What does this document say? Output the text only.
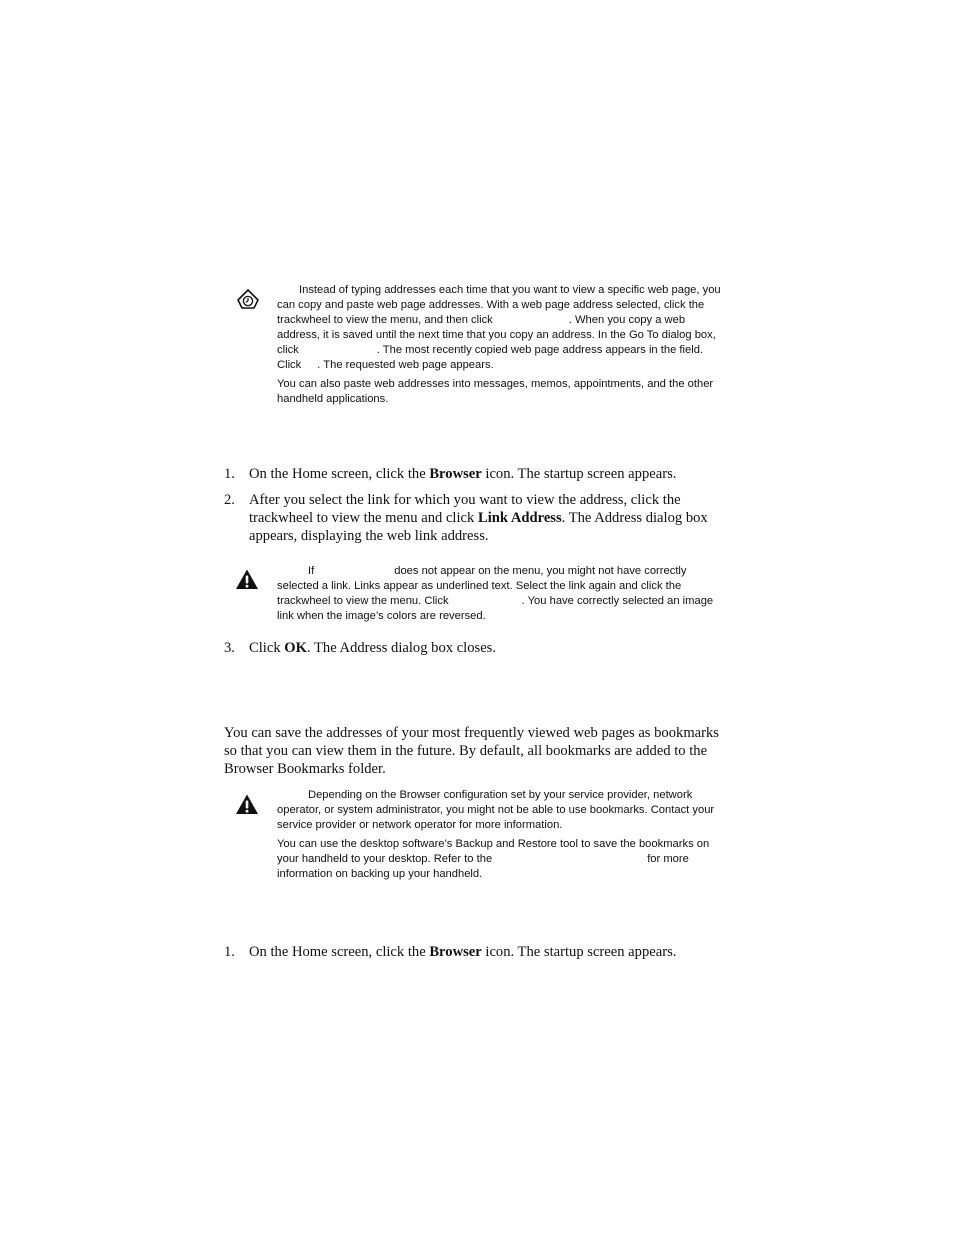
Instead of typing addresses each time that you want to view a specific web page, you can copy and paste web page addresses. With a web page address selected, click the trackwheel to view the menu, and then click	. When you copy a web address, it is saved until the next time that you copy an address. In the Go To dialog box, click	. The most recently copied web page address appears in the field. Click . The requested web page appears.

You can also paste web addresses into messages, memos, appointments, and the other handheld applications.

1. On the Home screen, click the Browser icon. The startup screen appears.
2. After you select the link for which you want to view the address, click the trackwheel to view the menu and click Link Address. The Address dialog box appears, displaying the web link address.

If	does not appear on the menu, you might not have correctly selected a link. Links appear as underlined text. Select the link again and click the trackwheel to view the menu. Click	. You have correctly selected an image link when the image’s colors are reversed.

3. Click OK. The Address dialog box closes.
You can save the addresses of your most frequently viewed web pages as bookmarks so that you can view them in the future. By default, all bookmarks are added to the Browser Bookmarks folder.

Depending on the Browser configuration set by your service provider, network operator, or system administrator, you might not be able to use bookmarks. Contact your service provider or network operator for more information.

You can use the desktop software’s Backup and Restore tool to save the bookmarks on your handheld to your desktop. Refer to the	for more information on backing up your handheld.

1. On the Home screen, click the Browser icon. The startup screen appears.
